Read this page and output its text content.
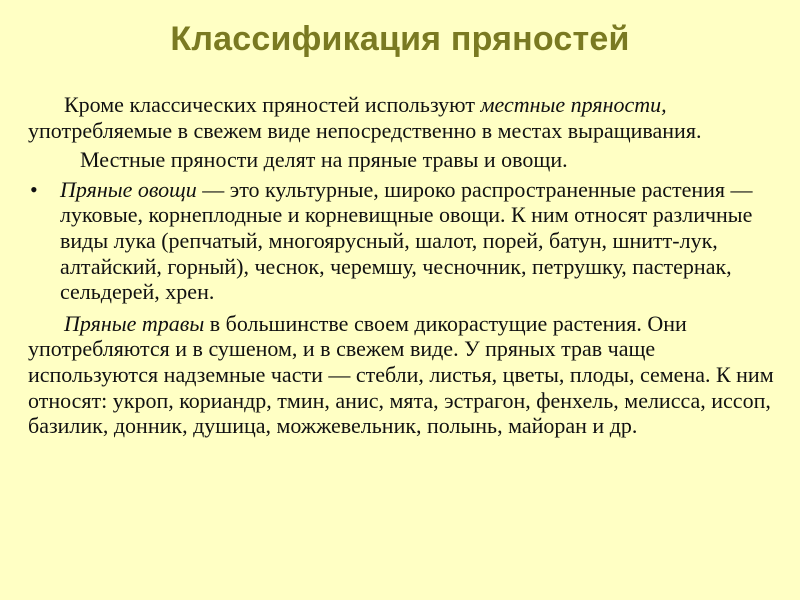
Классификация пряностей

Кроме классических пряностей используют местные пряности, употребляемые в свежем виде непосредственно в местах выращивания.

Местные пряности делят на пряные травы и овощи.

• Пряные овощи — это культурные, широко распространенные растения — луковые, корнеплодные и корневищные овощи. К ним относят различные виды лука (репчатый, многоярусный, шалот, порей, батун, шнитт-лук, алтайский, горный), чеснок, черемшу, чесночник, петрушку, пастернак, сельдерей, хрен.

Пряные травы в большинстве своем дикорастущие растения. Они употребляются и в сушеном, и в свежем виде. У пряных трав чаще используются надземные части — стебли, листья, цветы, плоды, семена. К ним относят: укроп, кориандр, тмин, анис, мята, эстрагон, фенхель, мелисса, иссоп, базилик, донник, душица, можжевельник, полынь, майоран и др.
